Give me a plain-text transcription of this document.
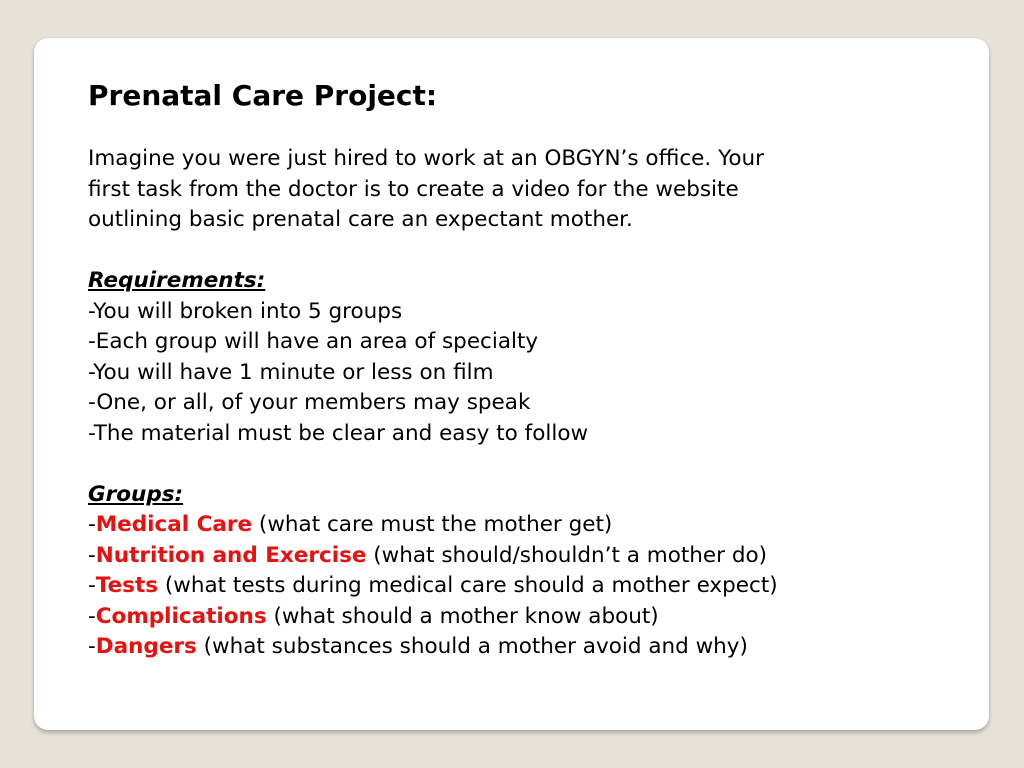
Prenatal Care Project:
Imagine you were just hired to work at an OBGYN’s office. Your
first task from the doctor is to create a video for the website
outlining basic prenatal care an expectant mother.
Requirements:
-You will broken into 5 groups
-Each group will have an area of specialty
-You will have 1 minute or less on film
-One, or all, of your members may speak
-The material must be clear and easy to follow
Groups:
-Medical Care (what care must the mother get)
-Nutrition and Exercise (what should/shouldn’t a mother do)
-Tests (what tests during medical care should a mother expect)
-Complications (what should a mother know about)
-Dangers (what substances should a mother avoid and why)
